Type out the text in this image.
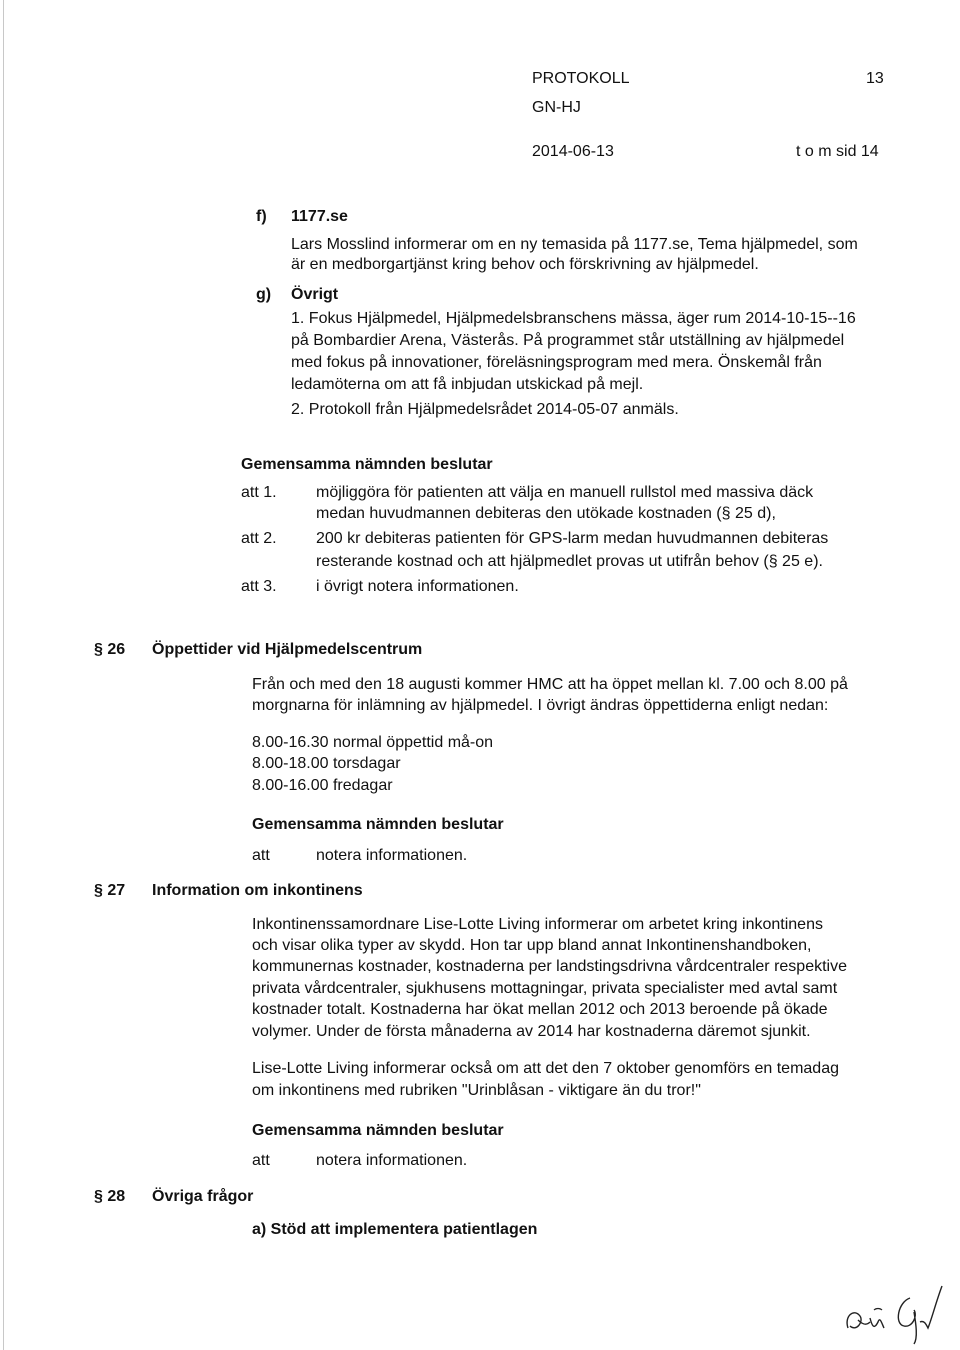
PROTOKOLL	13
GN-HJ
2014-06-13	t o m sid 14
f) 1177.se
Lars Mosslind informerar om en ny temasida på 1177.se, Tema hjälpmedel, som
är en medborgartjänst kring behov och förskrivning av hjälpmedel.
g) Övrigt
1. Fokus Hjälpmedel, Hjälpmedelsbranschens mässa, äger rum 2014-10-15--16
på Bombardier Arena, Västerås. På programmet står utställning av hjälpmedel
med fokus på innovationer, föreläsningsprogram med mera. Önskemål från
ledamöterna om att få inbjudan utskickad på mejl.
2. Protokoll från Hjälpmedelsrådet 2014-05-07 anmäls.
Gemensamma nämnden beslutar
att 1. möjliggöra för patienten att välja en manuell rullstol med massiva däck
medan huvudmannen debiteras den utökade kostnaden (§ 25 d),
att 2. 200 kr debiteras patienten för GPS-larm medan huvudmannen debiteras
resterande kostnad och att hjälpmedlet provas ut utifrån behov (§ 25 e).
att 3. i övrigt notera informationen.
§ 26 Öppettider vid Hjälpmedelscentrum
Från och med den 18 augusti kommer HMC att ha öppet mellan kl. 7.00 och 8.00 på
morgnarna för inlämning av hjälpmedel. I övrigt ändras öppettiderna enligt nedan:
8.00-16.30 normal öppettid må-on
8.00-18.00 torsdagar
8.00-16.00 fredagar
Gemensamma nämnden beslutar
att	notera informationen.
§ 27 Information om inkontinens
Inkontinenssamordnare Lise-Lotte Living informerar om arbetet kring inkontinens
och visar olika typer av skydd. Hon tar upp bland annat Inkontinenshandboken,
kommunernas kostnader, kostnaderna per landstingsdrivna vårdcentraler respektive
privata vårdcentraler, sjukhusens mottagningar, privata specialister med avtal samt
kostnader totalt. Kostnaderna har ökat mellan 2012 och 2013 beroende på ökade
volymer. Under de första månaderna av 2014 har kostnaderna däremot sjunkit.
Lise-Lotte Living informerar också om att det den 7 oktober genomförs en temadag
om inkontinens med rubriken "Urinblåsan - viktigare än du tror!"
Gemensamma nämnden beslutar
att	notera informationen.
§ 28 Övriga frågor
a) Stöd att implementera patientlagen
